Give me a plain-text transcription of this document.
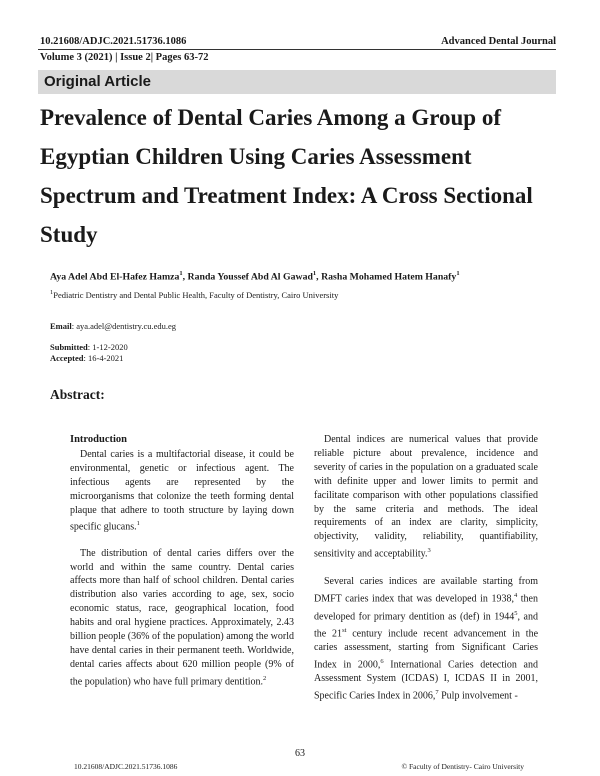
10.21608/ADJC.2021.51736.1086	Advanced Dental Journal
Volume 3 (2021) | Issue 2| Pages 63-72
Original Article
Prevalence of Dental Caries Among a Group of Egyptian Children Using Caries Assessment Spectrum and Treatment Index: A Cross Sectional Study
Aya Adel Abd El-Hafez Hamza$^1$, Randa Youssef Abd Al Gawad$^1$, Rasha Mohamed Hatem Hanafy$^1$
$^1$Pediatric Dentistry and Dental Public Health, Faculty of Dentistry, Cairo University
Email: aya.adel@dentistry.cu.edu.eg
Submitted: 1-12-2020
Accepted: 16-4-2021
Abstract:
Introduction

Dental caries is a multifactorial disease, it could be environmental, genetic or infectious agent. The infectious agents are represented by the microorganisms that colonize the teeth forming dental plaque that adhere to tooth structure by laying down specific glucans.$^1$

The distribution of dental caries differs over the world and within the same country. Dental caries affects more than half of school children. Dental caries distribution also varies according to age, sex, socio economic status, race, geographical location, food habits and oral hygiene practices. Approximately, 2.43 billion people (36% of the population) among the world have dental caries in their permanent teeth. Worldwide, dental caries affects about 620 million people (9% of the population) who have full primary dentition.$^2$

Dental indices are numerical values that provide reliable picture about prevalence, incidence and severity of caries in the population on a graduated scale with definite upper and lower limits to permit and facilitate comparison with other populations classified by the same criteria and methods. The ideal requirements of an index are clarity, simplicity, objectivity, validity, reliability, quantifiability, sensitivity and acceptability.$^3$

Several caries indices are available starting from DMFT caries index that was developed in 1938,$^4$ then developed for primary dentition as (def) in 1944$^5$, and the 21st century include recent advancement in the caries assessment, starting from Significant Caries Index in 2000,$^6$ International Caries detection and Assessment System (ICDAS) I, ICDAS II in 2001, Specific Caries Index in 2006,$^7$ Pulp involvement -

63
10.21608/ADJC.2021.51736.1086	© Faculty of Dentistry- Cairo University
